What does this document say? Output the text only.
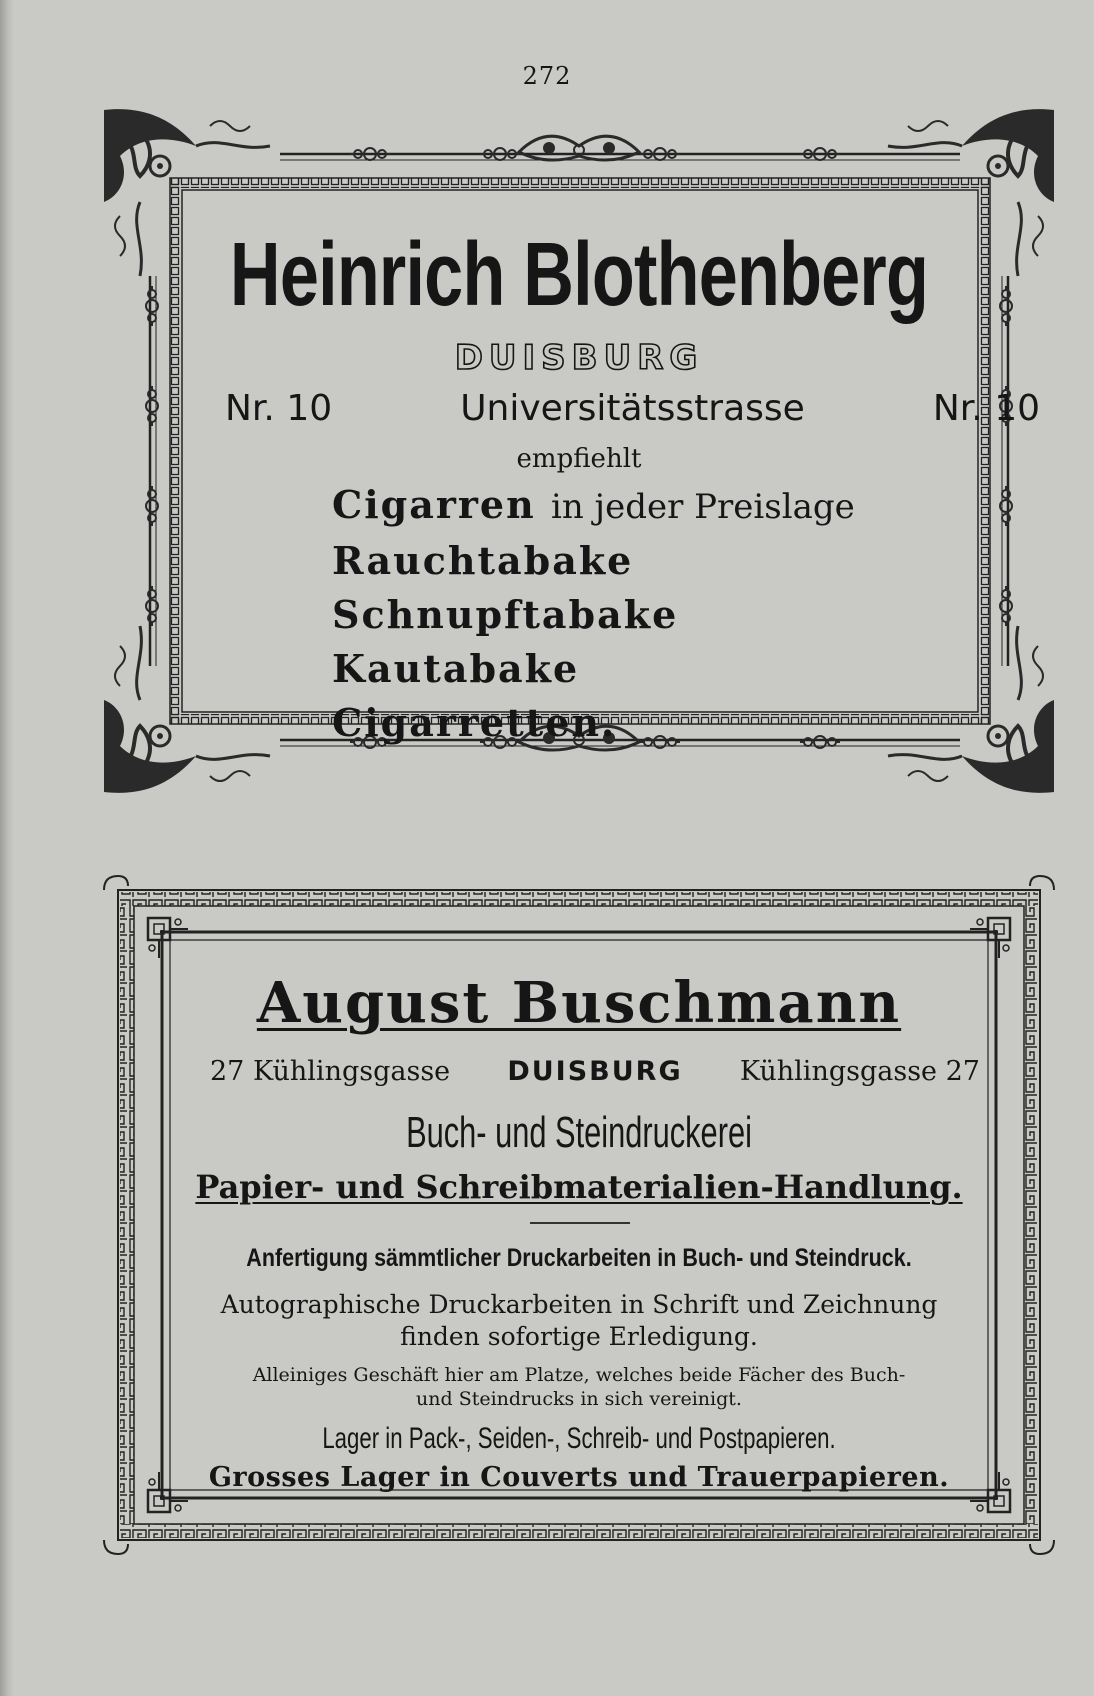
272
Heinrich Blothenberg
DUISBURG
Nr. 10	Universitätsstrasse	Nr. 10
empfiehlt
Cigarren in jeder Preislage
Rauchtabake
Schnupftabake
Kautabake
Cigarretten.
August Buschmann
27 Kühlingsgasse DUISBURG Kühlingsgasse 27
Buch- und Steindruckerei
Papier- und Schreibmaterialien-Handlung.
Anfertigung sämmtlicher Druckarbeiten in Buch- und Steindruck.
Autographische Druckarbeiten in Schrift und Zeichnung
finden sofortige Erledigung.
Alleiniges Geschäft hier am Platze, welches beide Fächer des Buch-
und Steindrucks in sich vereinigt.
Lager in Pack-, Seiden-, Schreib- und Postpapieren.
Grosses Lager in Couverts und Trauerpapieren.
